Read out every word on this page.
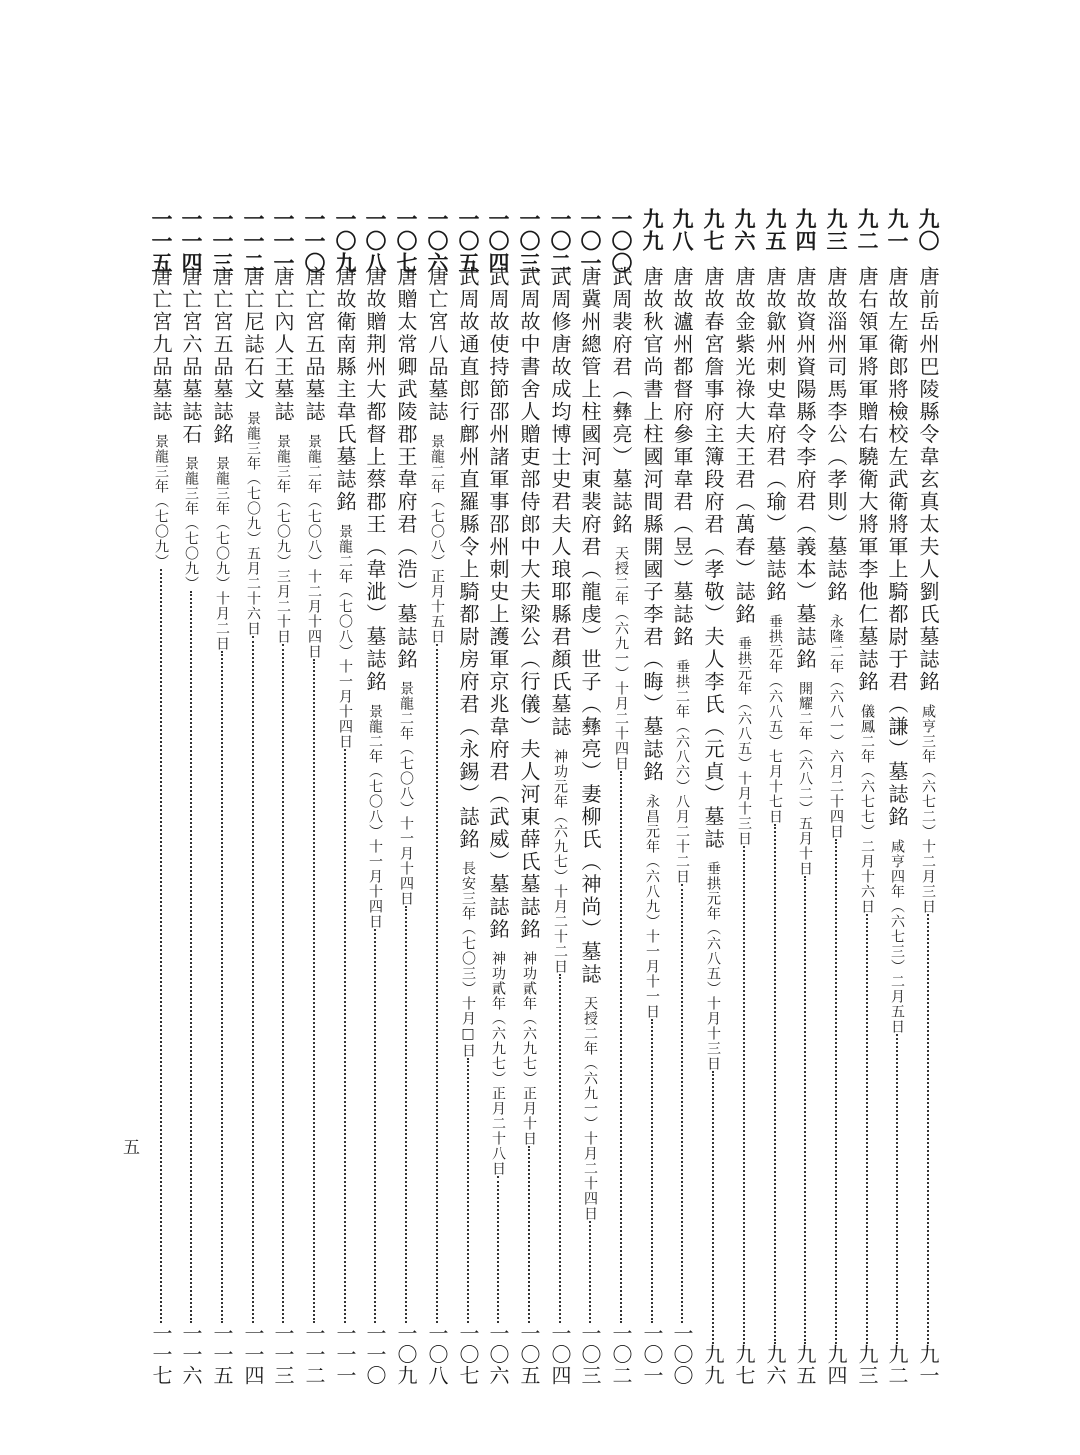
九〇
唐前岳州巴陵縣令韋玄真太夫人劉氏墓誌銘
咸亨三年（六七二）十二月三日
九一
九一
唐故左衛郎將檢校左武衛將軍上騎都尉于君（謙）墓誌銘
咸亨四年（六七三）二月五日
九二
九二
唐右領軍將軍贈右驍衛大將軍李他仁墓誌銘
儀鳳二年（六七七）二月十六日
九三
九三
唐故淄州司馬李公（孝則）墓誌銘
永隆二年（六八一）六月二十四日
九四
九四
唐故資州資陽縣令李府君（義本）墓誌銘
開耀二年（六八二）五月十日
九五
九五
唐故歙州刺史韋府君（瑜）墓誌銘
垂拱元年（六八五）七月十七日
九六
九六
唐故金紫光祿大夫王君（萬春）誌銘
垂拱元年（六八五）十月十三日
九七
九七
唐故春宮詹事府主簿段府君（孝敬）夫人李氏（元貞）墓誌
垂拱元年（六八五）十月十三日
九九
九八
唐故瀘州都督府參軍韋君（昱）墓誌銘
垂拱二年（六八六）八月二十二日
一〇〇
九九
唐故秋官尚書上柱國河間縣開國子李君（晦）墓誌銘
永昌元年（六八九）十一月十一日
一〇一
一〇〇
武周裴府君（彝亮）墓誌銘
天授二年（六九一）十月二十四日
一〇二
一〇一
唐冀州總管上柱國河東裴府君（龍虔）世子（彝亮）妻柳氏（神尚）墓誌
天授二年（六九一）十月二十四日
一〇三
一〇二
武周修唐故成均博士史君夫人琅耶縣君顏氏墓誌
神功元年（六九七）十月二十二日
一〇四
一〇三
武周故中書舍人贈吏部侍郎中大夫梁公（行儀）夫人河東薛氏墓誌銘
神功貳年（六九七）正月十日
一〇五
一〇四
武周故使持節邵州諸軍事邵州刺史上護軍京兆韋府君（武威）墓誌銘
神功貳年（六九七）正月二十八日
一〇六
一〇五
武周故通直郎行鄜州直羅縣令上騎都尉房府君（永錫）誌銘
長安三年（七〇三）十月□日
一〇七
一〇六
唐亡宮八品墓誌
景龍二年（七〇八）正月十五日
一〇八
一〇七
唐贈太常卿武陵郡王韋府君（浩）墓誌銘
景龍二年（七〇八）十一月十四日
一〇九
一〇八
唐故贈荆州大都督上蔡郡王（韋泚）墓誌銘
景龍二年（七〇八）十一月十四日
一一〇
一〇九
唐故衛南縣主韋氏墓誌銘
景龍二年（七〇八）十一月十四日
一一一
一一〇
唐亡宮五品墓誌
景龍二年（七〇八）十二月十四日
一一二
一一一
唐亡內人王墓誌
景龍三年（七〇九）三月二十日
一一三
一一二
唐亡尼誌石文
景龍三年（七〇九）五月二十六日
一一四
一一三
唐亡宮五品墓誌銘
景龍三年（七〇九）十月二日
一一五
一一四
唐亡宮六品墓誌石
景龍三年（七〇九）
一一六
一一五
唐亡宮九品墓誌
景龍三年（七〇九）
一一七
五
